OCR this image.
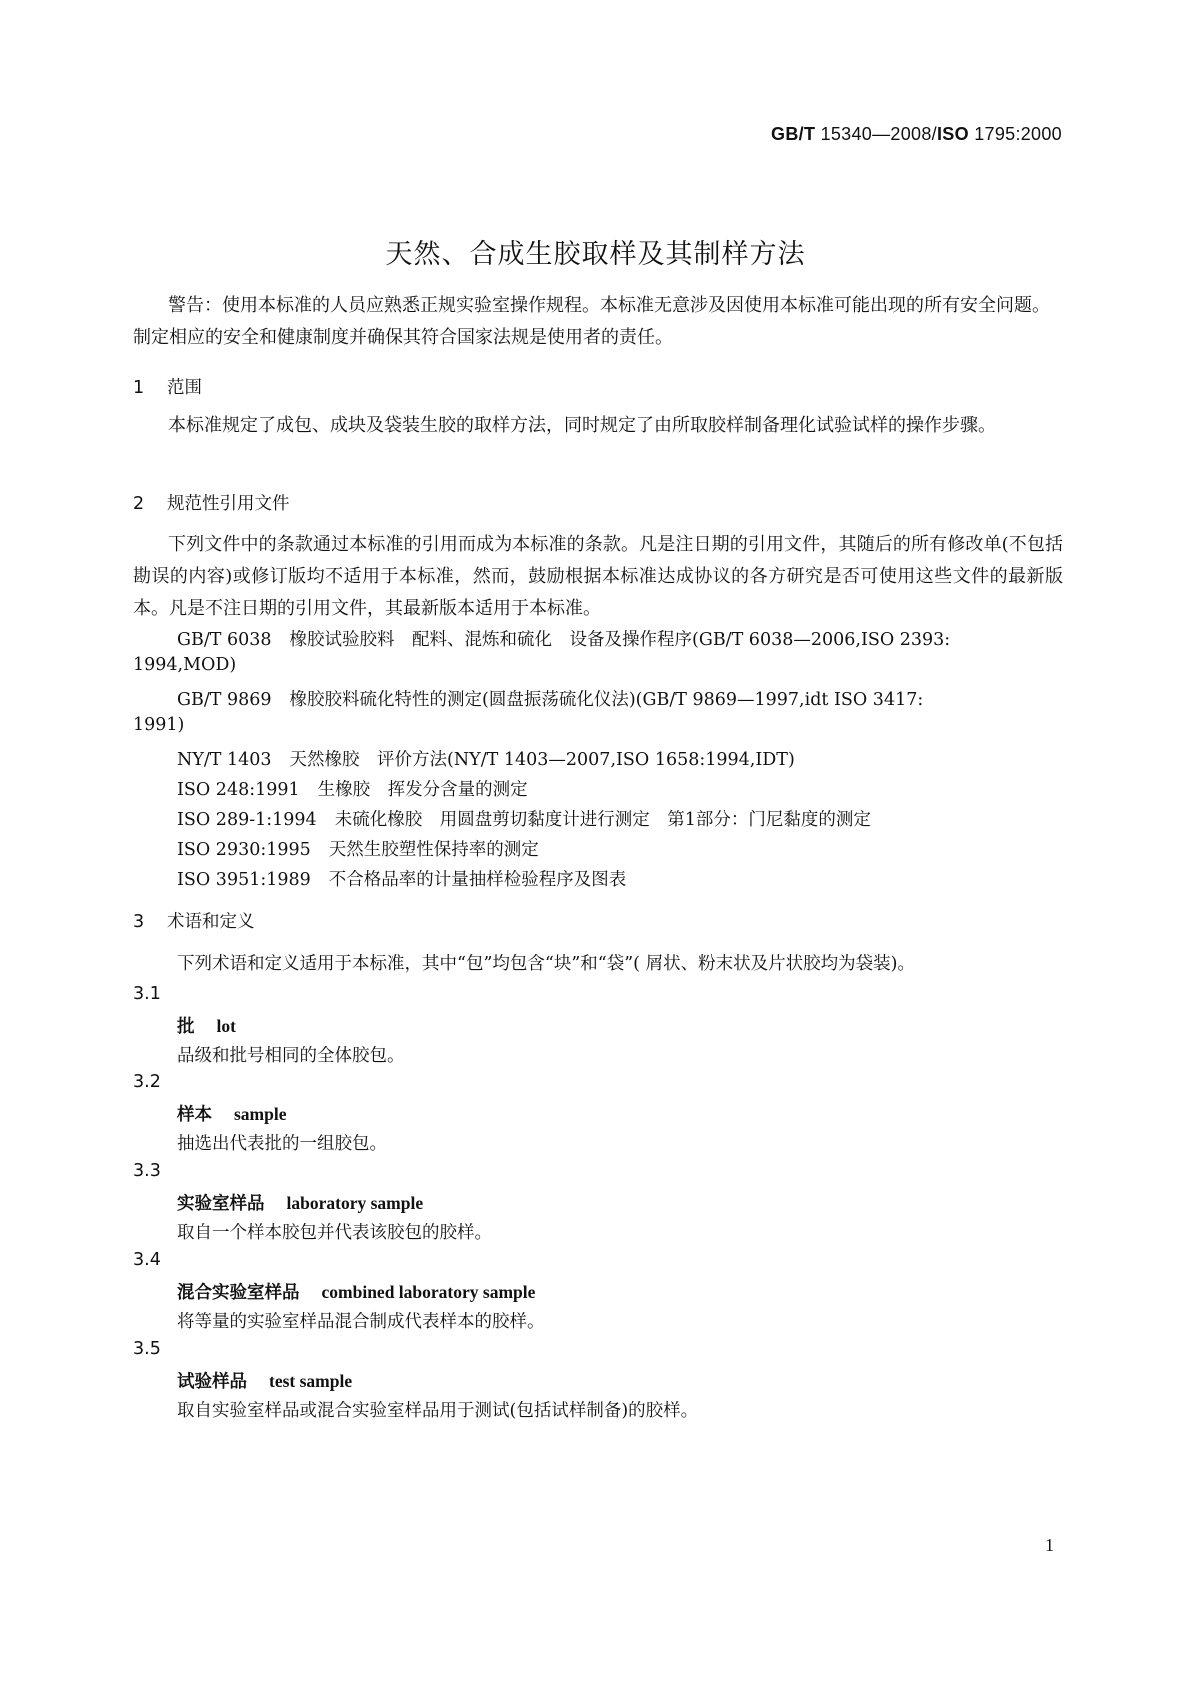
GB/T 15340—2008/ISO 1795:2000
天然、合成生胶取样及其制样方法
警告：使用本标准的人员应熟悉正规实验室操作规程。本标准无意涉及因使用本标准可能出现的所有安全问题。制定相应的安全和健康制度并确保其符合国家法规是使用者的责任。
1 范围
本标准规定了成包、成块及袋装生胶的取样方法，同时规定了由所取胶样制备理化试验试样的操作步骤。
2 规范性引用文件
下列文件中的条款通过本标准的引用而成为本标准的条款。凡是注日期的引用文件，其随后的所有修改单(不包括勘误的内容)或修订版均不适用于本标准，然而，鼓励根据本标准达成协议的各方研究是否可使用这些文件的最新版本。凡是不注日期的引用文件，其最新版本适用于本标准。
GB/T 6038 橡胶试验胶料　配料、混炼和硫化　设备及操作程序(GB/T 6038—2006,ISO 2393:
1994,MOD)
GB/T 9869 橡胶胶料硫化特性的测定(圆盘振荡硫化仪法)(GB/T 9869—1997,idt ISO 3417:
1991)
NY/T 1403 天然橡胶　评价方法(NY/T 1403—2007,ISO 1658:1994,IDT)
ISO 248:1991 生橡胶　挥发分含量的测定
ISO 289-1:1994 未硫化橡胶　用圆盘剪切黏度计进行测定　第1部分：门尼黏度的测定
ISO 2930:1995 天然生胶塑性保持率的测定
ISO 3951:1989 不合格品率的计量抽样检验程序及图表
3 术语和定义
下列术语和定义适用于本标准，其中“包”均包含“块”和“袋”( 屑状、粉末状及片状胶均为袋装)。
3.1
批 lot
品级和批号相同的全体胶包。
3.2
样本 sample
抽选出代表批的一组胶包。
3.3
实验室样品 laboratory sample
取自一个样本胶包并代表该胶包的胶样。
3.4
混合实验室样品 combined laboratory sample
将等量的实验室样品混合制成代表样本的胶样。
3.5
试验样品 test sample
取自实验室样品或混合实验室样品用于测试(包括试样制备)的胶样。
1
